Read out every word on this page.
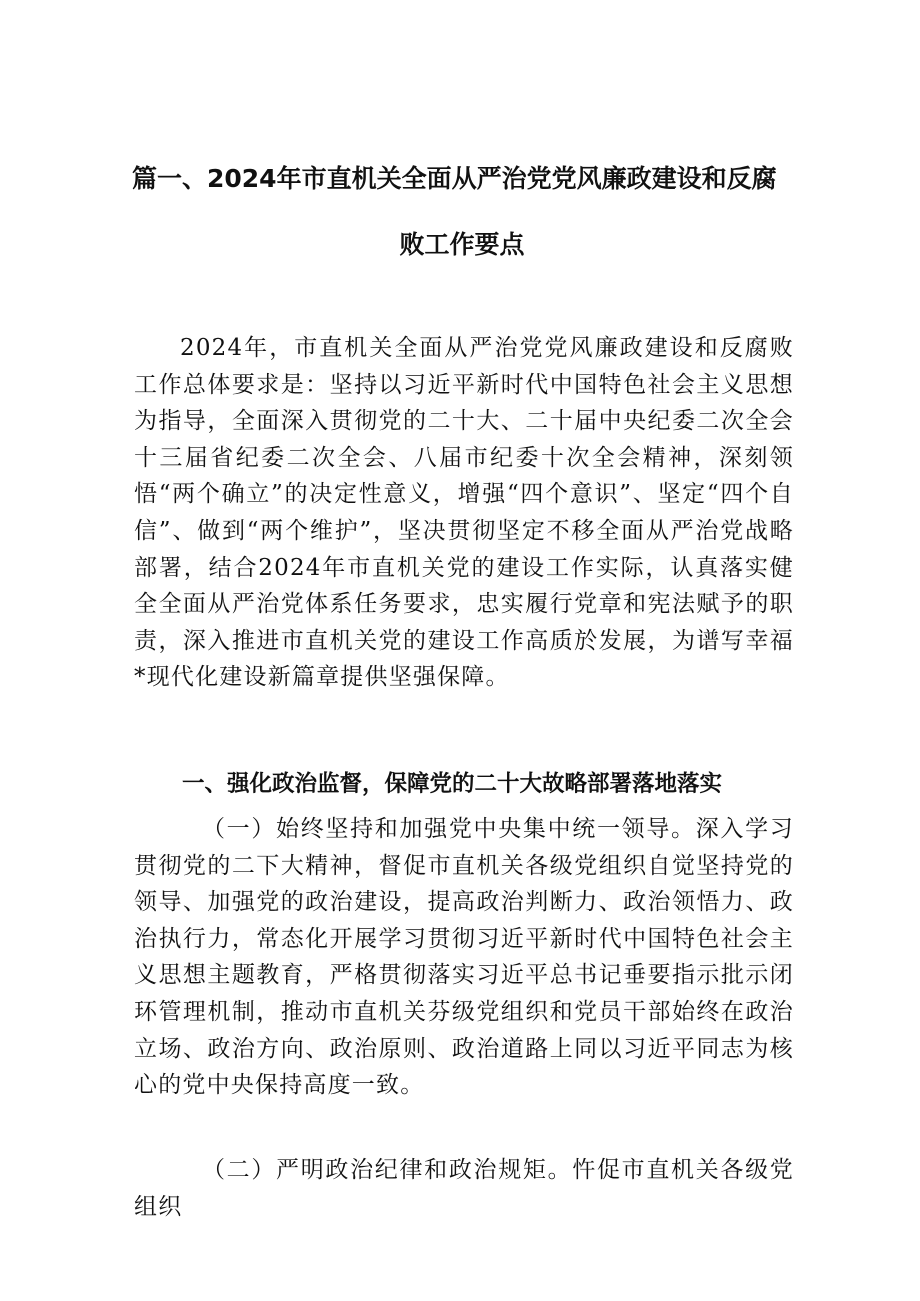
篇一、2024年市直机关全面从严治党党风廉政建设和反腐
败工作要点

2024年，市直机关全面从严治党党风廉政建设和反腐败工作总体要求是：坚持以习近平新时代中国特色社会主义思想为指导，全面深入贯彻党的二十大、二十届中央纪委二次全会十三届省纪委二次全会、八届市纪委十次全会精神，深刻领悟“两个确立”的决定性意义，增强“四个意识”、坚定“四个自信”、做到“两个维护”，坚决贯彻坚定不移全面从严治党战略部署，结合2024年市直机关党的建设工作实际，认真落实健全全面从严治党体系任务要求，忠实履行党章和宪法赋予的职责，深入推进市直机关党的建设工作高质於发展，为谱写幸福*现代化建设新篇章提供坚强保障。

一、强化政治监督，保障党的二十大故略部署落地落实

（一）始终坚持和加强党中央集中统一领导。深入学习贯彻党的二下大精神，督促市直机关各级党组织自觉坚持党的领导、加强党的政治建设，提高政治判断力、政治领悟力、政治执行力，常态化开展学习贯彻习近平新时代中国特色社会主义思想主题教育，严格贯彻落实习近平总书记垂要指示批示闭环管理机制，推动市直机关芬级党组织和党员干部始终在政治立场、政治方向、政治原则、政治道路上同以习近平同志为核心的党中央保持高度一致。

（二）严明政治纪律和政治规矩。忤促市直机关各级党组织
